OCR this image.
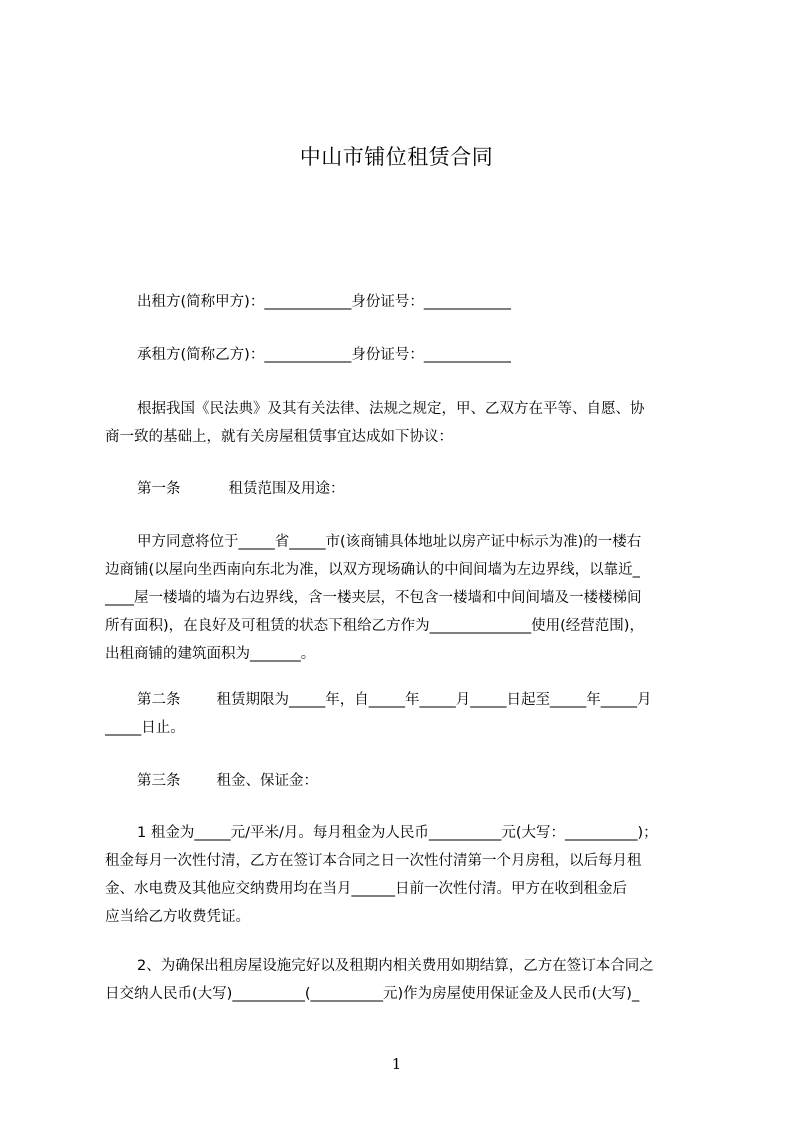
中山市铺位租赁合同
出租方(简称甲方)：____________身份证号：____________
承租方(简称乙方)：____________身份证号：____________
根据我国《民法典》及其有关法律、法规之规定，甲、乙双方在平等、自愿、协
商一致的基础上，就有关房屋租赁事宜达成如下协议：
第一条	租赁范围及用途：
甲方同意将位于_____省_____市(该商铺具体地址以房产证中标示为准)的一楼右
边商铺(以屋向坐西南向东北为准，以双方现场确认的中间间墙为左边界线，以靠近_
____屋一楼墙的墙为右边界线，含一楼夹层，不包含一楼墙和中间间墙及一楼楼梯间
所有面积)，在良好及可租赁的状态下租给乙方作为______________使用(经营范围)，
出租商铺的建筑面积为_______。
第二条 租赁期限为_____年，自_____年_____月_____日起至_____年_____月
_____日止。
第三条 租金、保证金：
1 租金为_____元/平米/月。每月租金为人民币__________元(大写：__________)；
租金每月一次性付清，乙方在签订本合同之日一次性付清第一个月房租，以后每月租
金、水电费及其他应交纳费用均在当月______日前一次性付清。甲方在收到租金后
应当给乙方收费凭证。
2、为确保出租房屋设施完好以及租期内相关费用如期结算，乙方在签订本合同之
日交纳人民币(大写)__________(__________元)作为房屋使用保证金及人民币(大写)_
1
